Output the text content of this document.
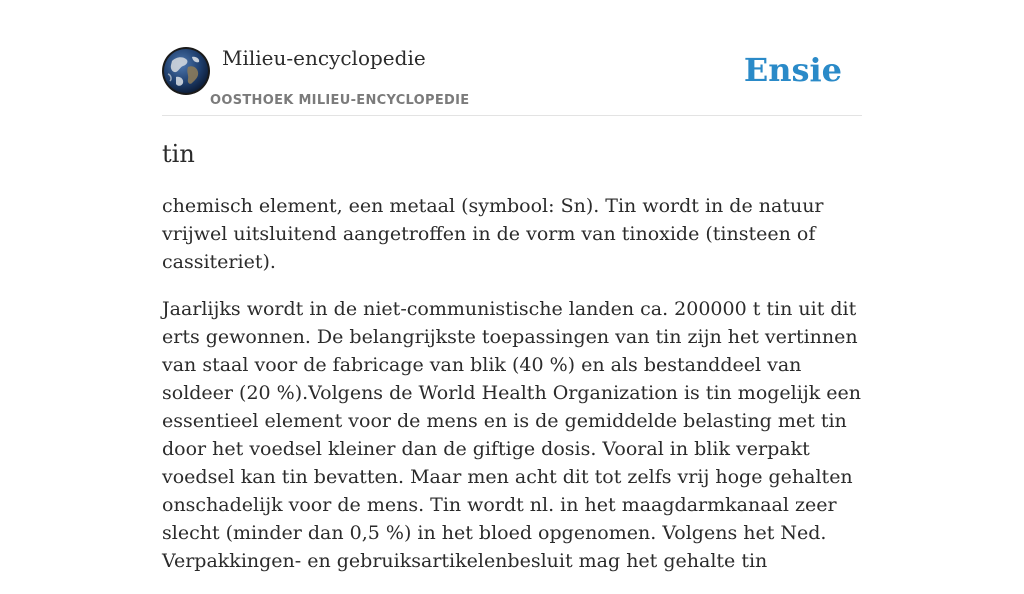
Milieu-encyclopedie
OOSTHOEK MILIEU-ENCYCLOPEDIE
Ensie
tin

chemisch element, een metaal (symbool: Sn). Tin wordt in de natuur vrijwel uitsluitend aangetroffen in de vorm van tinoxide (tinsteen of cassiteriet).

Jaarlijks wordt in de niet-communistische landen ca. 200000 t tin uit dit erts gewonnen. De belangrijkste toepassingen van tin zijn het vertinnen van staal voor de fabricage van blik (40 %) en als bestanddeel van soldeer (20 %).Volgens de World Health Organization is tin mogelijk een essentieel element voor de mens en is de gemiddelde belasting met tin door het voedsel kleiner dan de giftige dosis. Vooral in blik verpakt voedsel kan tin bevatten. Maar men acht dit tot zelfs vrij hoge gehalten onschadelijk voor de mens. Tin wordt nl. in het maagdarmkanaal zeer slecht (minder dan 0,5 %) in het bloed opgenomen. Volgens het Ned. Verpakkingen- en gebruiksartikelenbesluit mag het gehalte tin
